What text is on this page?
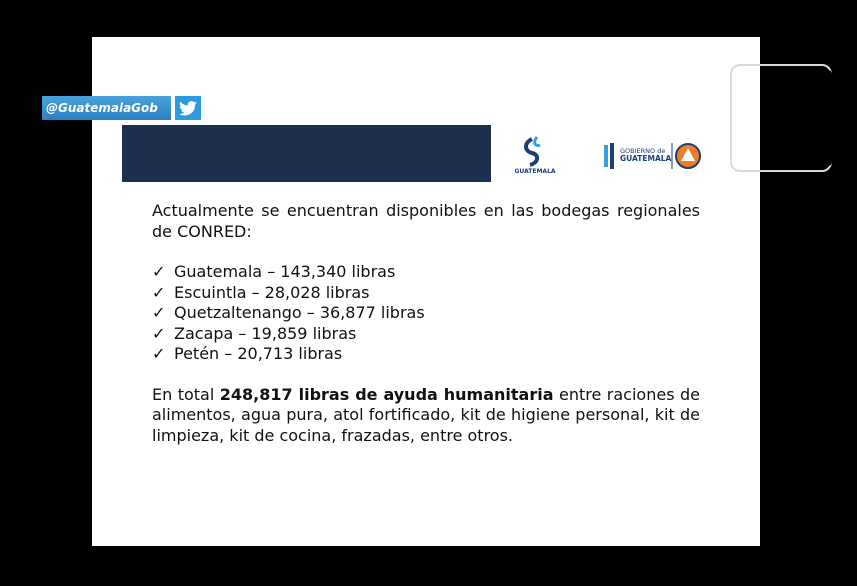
GUATEMALA
GOBIERNO de
GUATEMALA

Actualmente se encuentran disponibles en las bodegas regionales de CONRED:

✓ Guatemala – 143,340 libras
✓ Escuintla – 28,028 libras
✓ Quetzaltenango – 36,877 libras
✓ Zacapa – 19,859 libras
✓ Petén – 20,713 libras

En total 248,817 libras de ayuda humanitaria entre raciones de alimentos, agua pura, atol fortificado, kit de higiene personal, kit de limpieza, kit de cocina, frazadas, entre otros.

@GuatemalaGob
